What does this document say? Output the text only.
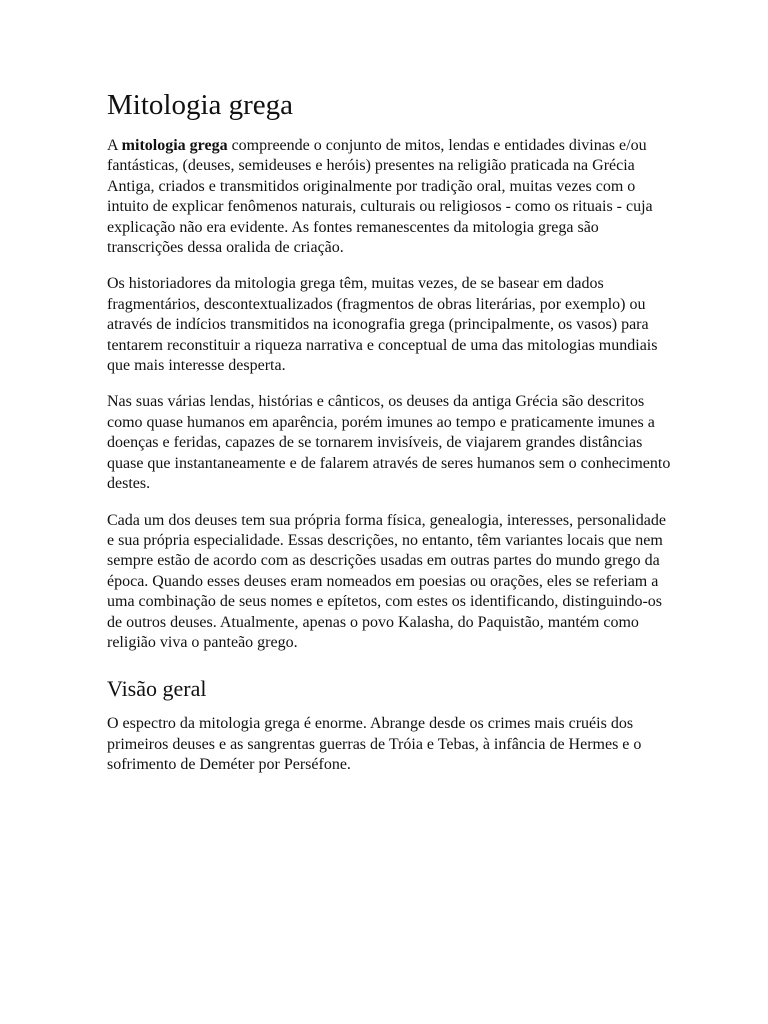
Mitologia grega

A mitologia grega compreende o conjunto de mitos, lendas e entidades divinas e/ou fantásticas, (deuses, semideuses e heróis) presentes na religião praticada na Grécia Antiga, criados e transmitidos originalmente por tradição oral, muitas vezes com o intuito de explicar fenômenos naturais, culturais ou religiosos - como os rituais - cuja explicação não era evidente. As fontes remanescentes da mitologia grega são transcrições dessa oralida de criação.

Os historiadores da mitologia grega têm, muitas vezes, de se basear em dados fragmentários, descontextualizados (fragmentos de obras literárias, por exemplo) ou através de indícios transmitidos na iconografia grega (principalmente, os vasos) para tentarem reconstituir a riqueza narrativa e conceptual de uma das mitologias mundiais que mais interesse desperta.

Nas suas várias lendas, histórias e cânticos, os deuses da antiga Grécia são descritos como quase humanos em aparência, porém imunes ao tempo e praticamente imunes a doenças e feridas, capazes de se tornarem invisíveis, de viajarem grandes distâncias quase que instantaneamente e de falarem através de seres humanos sem o conhecimento destes.

Cada um dos deuses tem sua própria forma física, genealogia, interesses, personalidade e sua própria especialidade. Essas descrições, no entanto, têm variantes locais que nem sempre estão de acordo com as descrições usadas em outras partes do mundo grego da época. Quando esses deuses eram nomeados em poesias ou orações, eles se referiam a uma combinação de seus nomes e epítetos, com estes os identificando, distinguindo-os de outros deuses. Atualmente, apenas o povo Kalasha, do Paquistão, mantém como religião viva o panteão grego.

Visão geral

O espectro da mitologia grega é enorme. Abrange desde os crimes mais cruéis dos primeiros deuses e as sangrentas guerras de Tróia e Tebas, à infância de Hermes e o sofrimento de Deméter por Perséfone.
